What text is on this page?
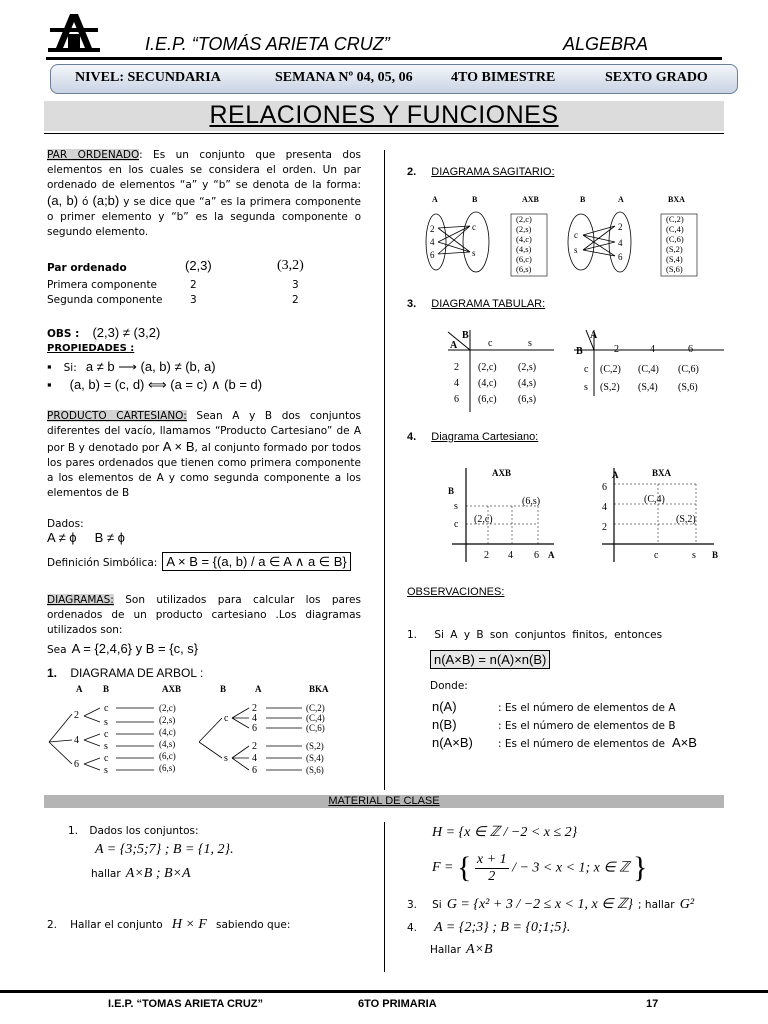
I.E.P. “TOMÁS ARIETA CRUZ”	ALGEBRA
NIVEL: SECUNDARIA	SEMANA Nº 04, 05, 06	4TO BIMESTRE	SEXTO GRADO
RELACIONES Y FUNCIONES
PAR ORDENADO: Es un conjunto que presenta dos elementos en los cuales se considera el orden. Un par ordenado de elementos “a” y “b” se denota de la forma: (a, b) ó (a;b) y se dice que “a” es la primera componente o primer elemento y “b” es la segunda componente o segundo elemento.
Par ordenado	(2,3)	(3,2)
Primera componente	2	3
Segunda componente	3	2
OBS : (2,3) ≠ (3,2)
PROPIEDADES :
▪ Si: a ≠ b ⟶ (a, b) ≠ (b, a)
▪ (a, b) = (c, d) ⟺ (a = c) ∧ (b = d)
PRODUCTO CARTESIANO: Sean A y B dos conjuntos diferentes del vacío, llamamos “Producto Cartesiano” de A por B y denotado por A × B, al conjunto formado por todos los pares ordenados que tienen como primera componente a los elementos de A y como segunda componente a los elementos de B
Dados:
A ≠ ϕ     B ≠ ϕ
Definición Simbólica: A × B = {(a, b) / a ∈ A ∧ a ∈ B}
DIAGRAMAS: Son utilizados para calcular los pares ordenados de un producto cartesiano .Los diagramas utilizados son:
Sea A = {2,4,6} y B = {c, s}
1. DIAGRAMA DE ARBOL :
A B	AXB	B	A	BKA
2
4
6
c
s
c
s
c
s
c
s
2
4
6
2
4
6
(2,c)
(2,s)
(4,c)
(4,s)
(6,c)
(6,s)
(C,2)
(C,4)
(C,6)
(S,2)
(S,4)
(S,6)
2. DIAGRAMA SAGITARIO:
A	B	AXB	B	A	BXA
2
4
6
c
s
c
s
2
4
6
(2,c)
(2,s)
(4,c)
(4,s)
(6,c)
(6,s)
(C,2)
(C,4)
(C,6)
(S,2)
(S,4)
(S,6)
3. DIAGRAMA TABULAR:
B
A
A
B
c	s
2 (2,c) (2,s)
4 (4,c) (4,s)
6 (6,c) (6,s)
2	4	6
c (C,2) (C,4) (C,6)
s (S,2) (S,4) (S,6)
4. Diagrama Cartesiano:
AXB
B
A
BXA
A
B
s
c
2 4 6
(6,s)
(2,c)
6
4
2
c	s
(C,4)
(S,2)
OBSERVACIONES:
1. Si A y B son conjuntos finitos, entonces
n(A×B) = n(A)×n(B)
Donde:
n(A)	: Es el número de elementos de A
n(B)	: Es el número de elementos de B
n(A×B) : Es el número de elementos de A×B
MATERIAL DE CLASE
1. Dados los conjuntos:
A = {3;5;7} ; B = {1, 2}.
hallar A×B ; B×A
2. Hallar el conjunto H × F sabiendo que:
H = {x ∈ ℤ / −2 < x ≤ 2}
F = { $\frac{x + 1}{2}$ / − 3 < x < 1; x ∈ ℤ }
3. Si G = {x² + 3 / −2 ≤ x < 1, x ∈ ℤ} ; hallar G²
4. A = {2;3} ; B = {0;1;5}.
Hallar A×B
I.E.P. “TOMAS ARIETA CRUZ”	6TO PRIMARIA	17
